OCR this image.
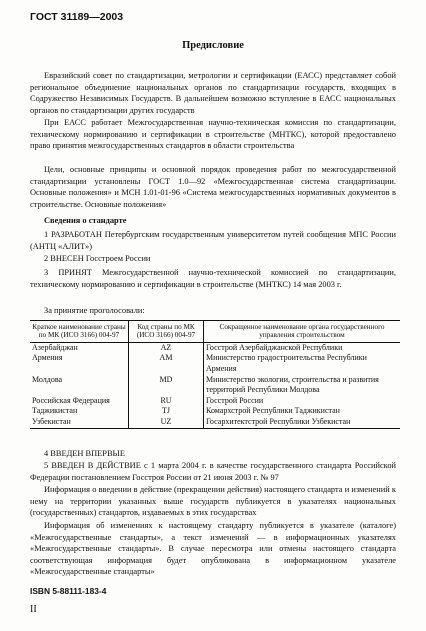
ГОСТ 31189—2003
Предисловие

Евразийский совет по стандартизации, метрологии и сертификации (ЕАСС) представляет собой региональное объединение национальных органов по стандартизации государств, входящих в Содружество Независимых Государств. В дальнейшем возможно вступление в ЕАСС национальных органов по стандартизации других государств

При ЕАСС работает Межгосударственная научно-техническая комиссия по стандартизации, техническому нормированию и сертификации в строительстве (МНТКС), которой предоставлено право принятия межгосударственных стандартов в области строительства

Цели, основные принципы и основной порядок проведения работ по межгосударственной стандартизации установлены ГОСТ 1.0—92 «Межгосударственная система стандартизации. Основные положения» и МСН 1.01-01-96 «Система межгосударственных нормативных документов в строительстве. Основные положения»

Сведения о стандарте

1 РАЗРАБОТАН Петербургским государственным университетом путей сообщения МПС России (АНТЦ «АЛИТ»)

2 ВНЕСЕН Госстроем России

3 ПРИНЯТ Межгосударственной научно-технической комиссией по стандартизации, техническому нормированию и сертификации в строительстве (МНТКС) 14 мая 2003 г.

За принятие проголосовали:

Краткое наименование страны по МК (ИСО 3166) 004-97	Код страны по МК (ИСО 3166) 004-97	Сокращенное наименование органа государственного управления строительством
Азербайджан	AZ	Госстрой Азербайджанской Республики
Армения	AM	Министерство градостроительства Республики Армения
Молдова	MD	Министерство экологии, строительства и развития территорий Республики Молдова
Российская Федерация	RU	Госстрой России
Таджикистан	TJ	Комархстрой Республики Таджикистан
Узбекистан	UZ	Госархитектстрой Республики Узбекистан

4 ВВЕДЕН ВПЕРВЫЕ

5 ВВЕДЕН В ДЕЙСТВИЕ с 1 марта 2004 г. в качестве государственного стандарта Российской Федерации постановлением Госстроя России от 21 июня 2003 г. № 97

Информация о введении в действие (прекращении действия) настоящего стандарта и изменений к нему на территории указанных выше государств публикуется в указателях национальных (государственных) стандартов, издаваемых в этих государствах

Информация об изменениях к настоящему стандарту публикуется в указателе (каталоге) «Межгосударственные стандарты», а текст изменений — в информационных указателях «Межгосударственные стандарты». В случае пересмотра или отмены настоящего стандарта соответствующая информация будет опубликована в информационном указателе «Межгосударственные стандарты»

ISBN 5-88111-183-4
II
